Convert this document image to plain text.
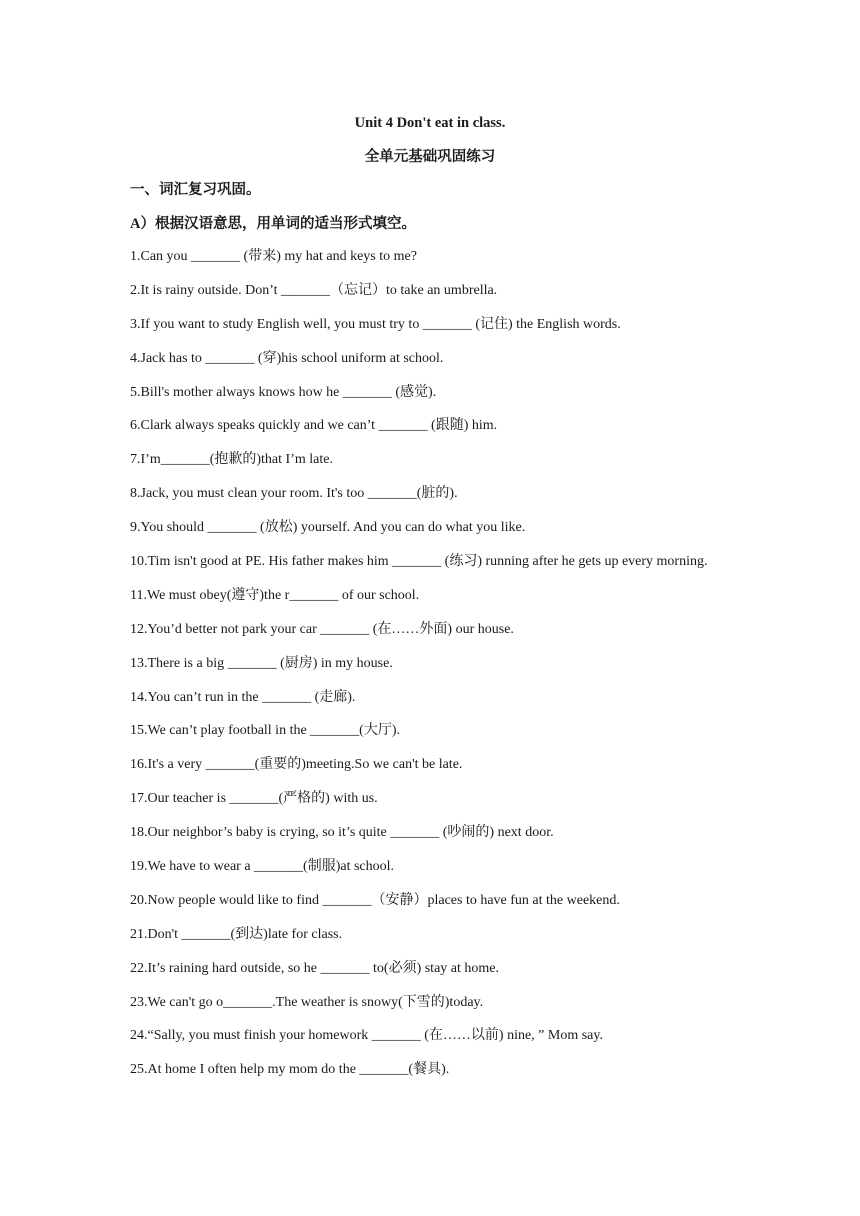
Unit 4 Don't eat in class.
全单元基础巩固练习
一、词汇复习巩固。
A）根据汉语意思，用单词的适当形式填空。
1.Can you _______ (带来) my hat and keys to me?
2.It is rainy outside. Don’t _______（忘记）to take an umbrella.
3.If you want to study English well, you must try to _______ (记住) the English words.
4.Jack has to _______ (穿)his school uniform at school.
5.Bill's mother always knows how he _______ (感觉).
6.Clark always speaks quickly and we can’t _______ (跟随) him.
7.I’m_______(抱歉的)that I’m late.
8.Jack, you must clean your room. It's too _______(脏的).
9.You should _______ (放松) yourself. And you can do what you like.
10.Tim isn't good at PE. His father makes him _______ (练习) running after he gets up every morning.
11.We must obey(遵守)the r_______ of our school.
12.You’d better not park your car _______ (在……外面) our house.
13.There is a big _______ (厨房) in my house.
14.You can’t run in the _______ (走廊).
15.We can’t play football in the _______(大厅).
16.It's a very _______(重要的)meeting.So we can't be late.
17.Our teacher is _______(严格的) with us.
18.Our neighbor’s baby is crying, so it’s quite _______ (吵闹的) next door.
19.We have to wear a _______(制服)at school.
20.Now people would like to find _______（安静）places to have fun at the weekend.
21.Don't _______(到达)late for class.
22.It’s raining hard outside, so he _______ to(必须) stay at home.
23.We can't go o_______.The weather is snowy(下雪的)today.
24.“Sally, you must finish your homework _______ (在……以前) nine, ” Mom say.
25.At home I often help my mom do the _______(餐具).
